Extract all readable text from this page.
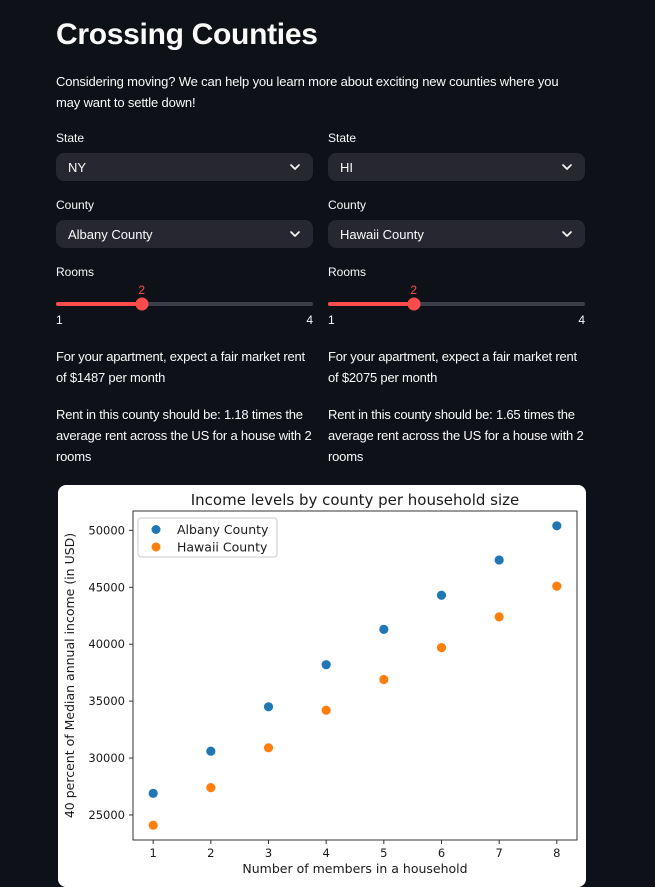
Crossing Counties

Considering moving? We can help you learn more about exciting new counties where you may want to settle down!

State
NY
County
Albany County
Rooms
2
1	4

For your apartment, expect a fair market rent of $1487 per month

Rent in this county should be: 1.18 times the average rent across the US for a house with 2 rooms

State
HI
County
Hawaii County
Rooms
2
1	4

For your apartment, expect a fair market rent of $2075 per month

Rent in this county should be: 1.65 times the average rent across the US for a house with 2 rooms

Income levels by county per household size
25000
30000
35000
40000
45000
50000
1	2	3	4	5	6	7	8
Number of members in a household
40 percent of Median annual income (in USD)
Albany County
Hawaii County
